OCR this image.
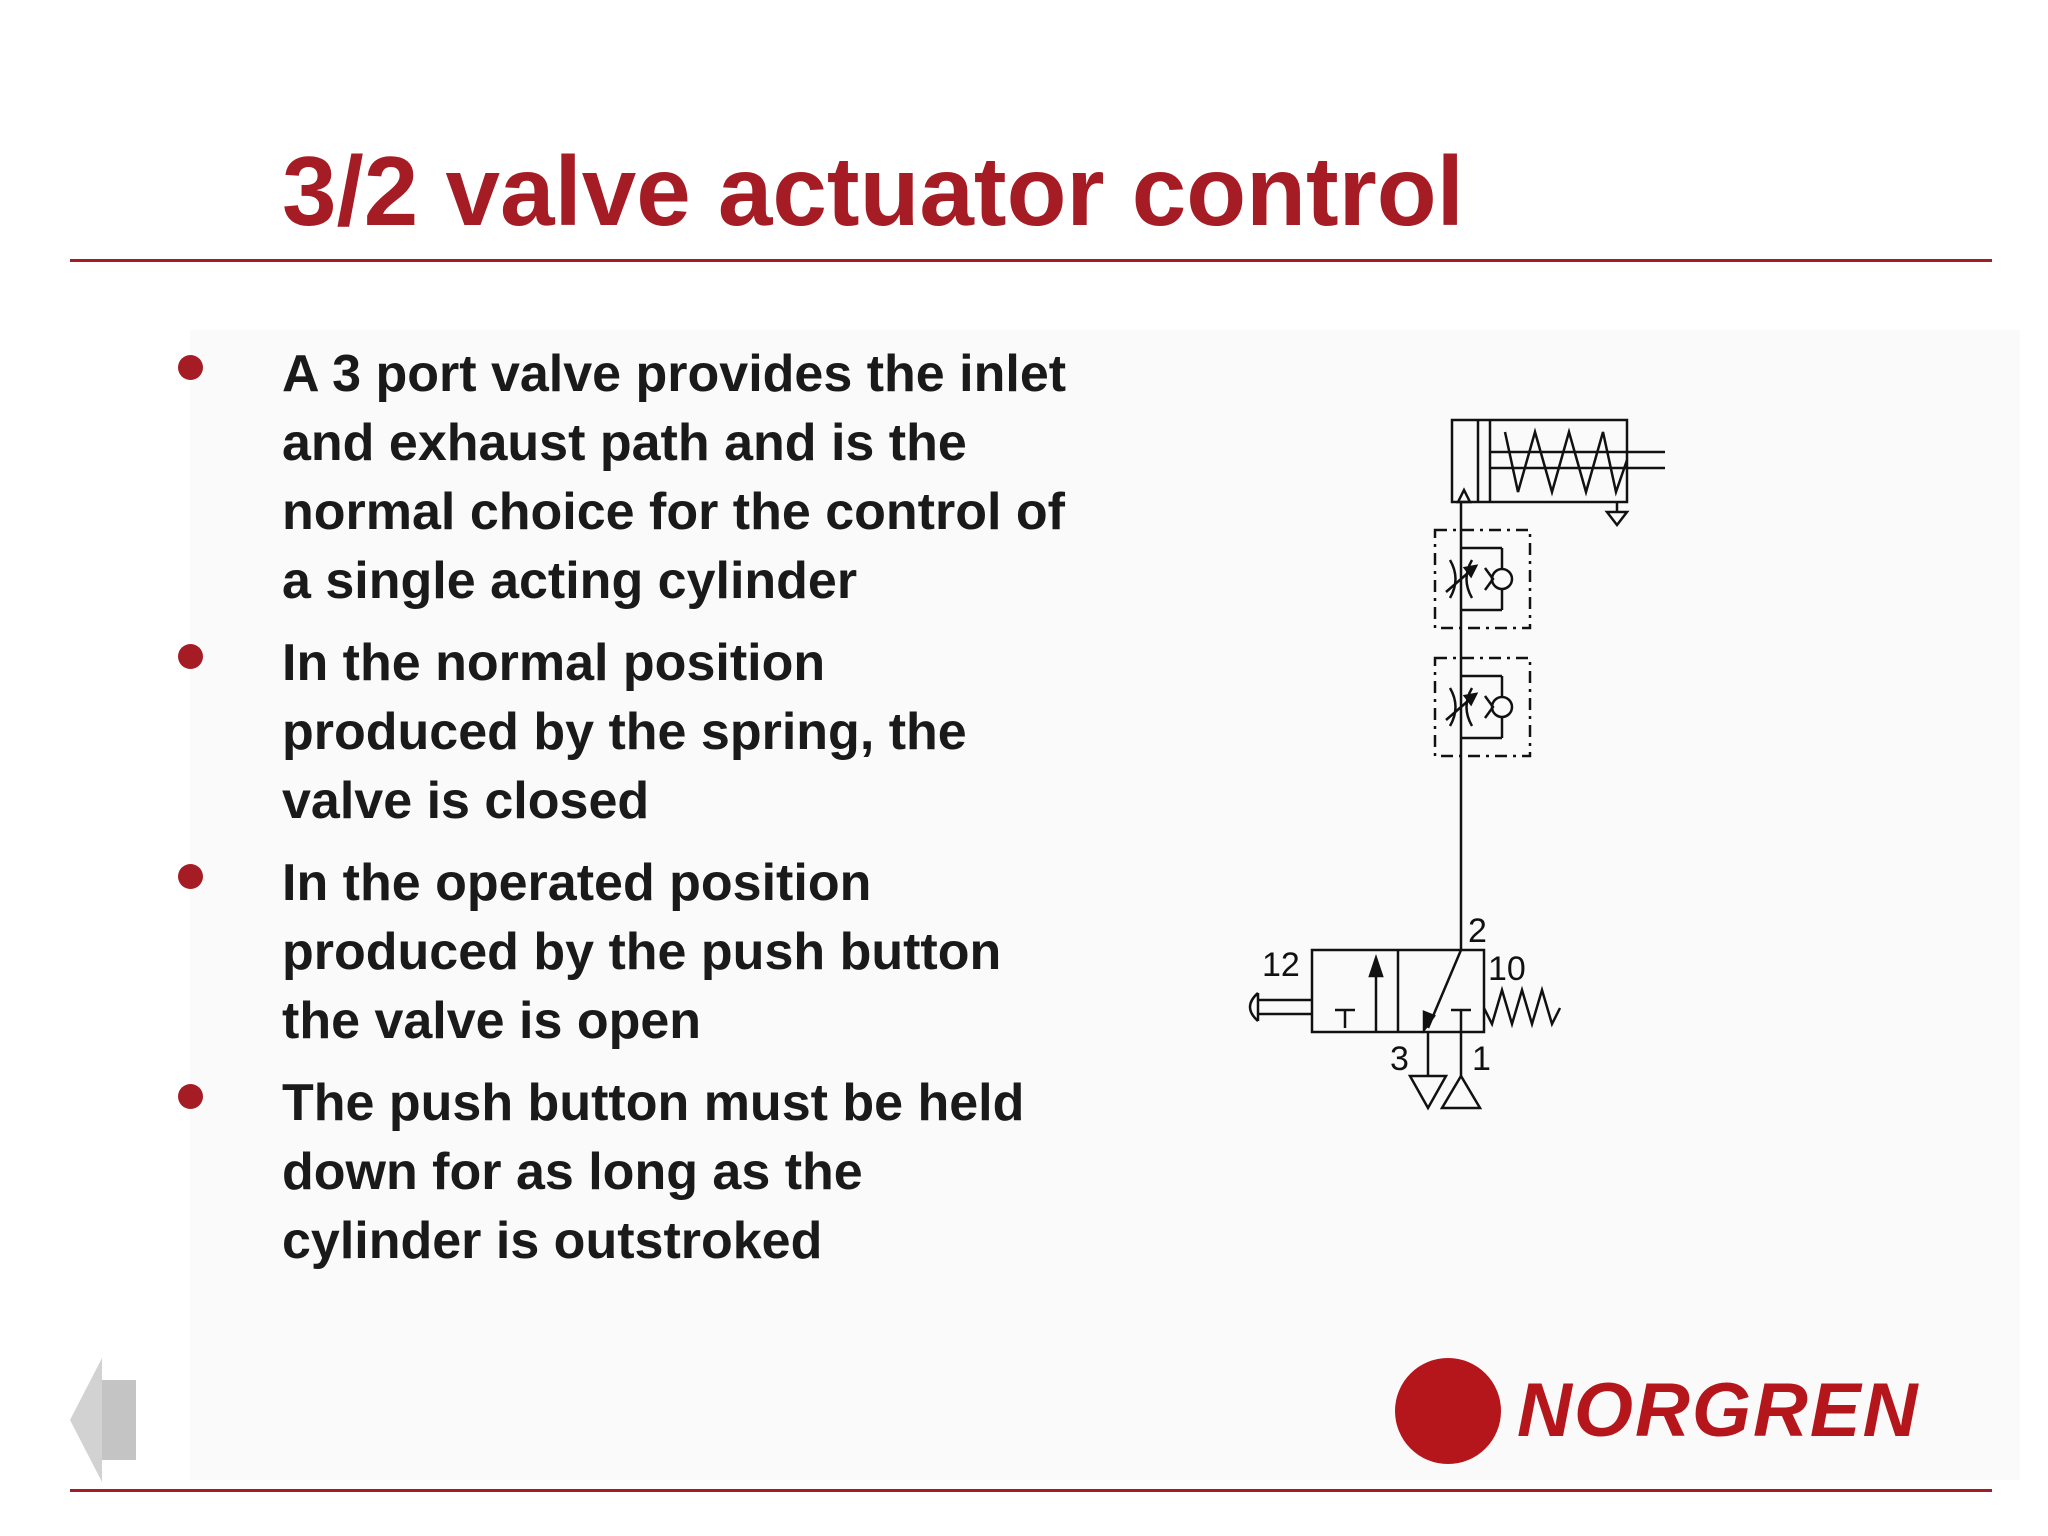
3/2 valve actuator control
A 3 port valve provides the inlet and exhaust path and is the normal choice for the control of a single acting cylinder
In the normal position produced by the spring, the valve is closed
In the operated position produced by the push button the valve is open
The push button must be held down for as long as the cylinder is outstroked
12
2
10
3 1
NORGREN
